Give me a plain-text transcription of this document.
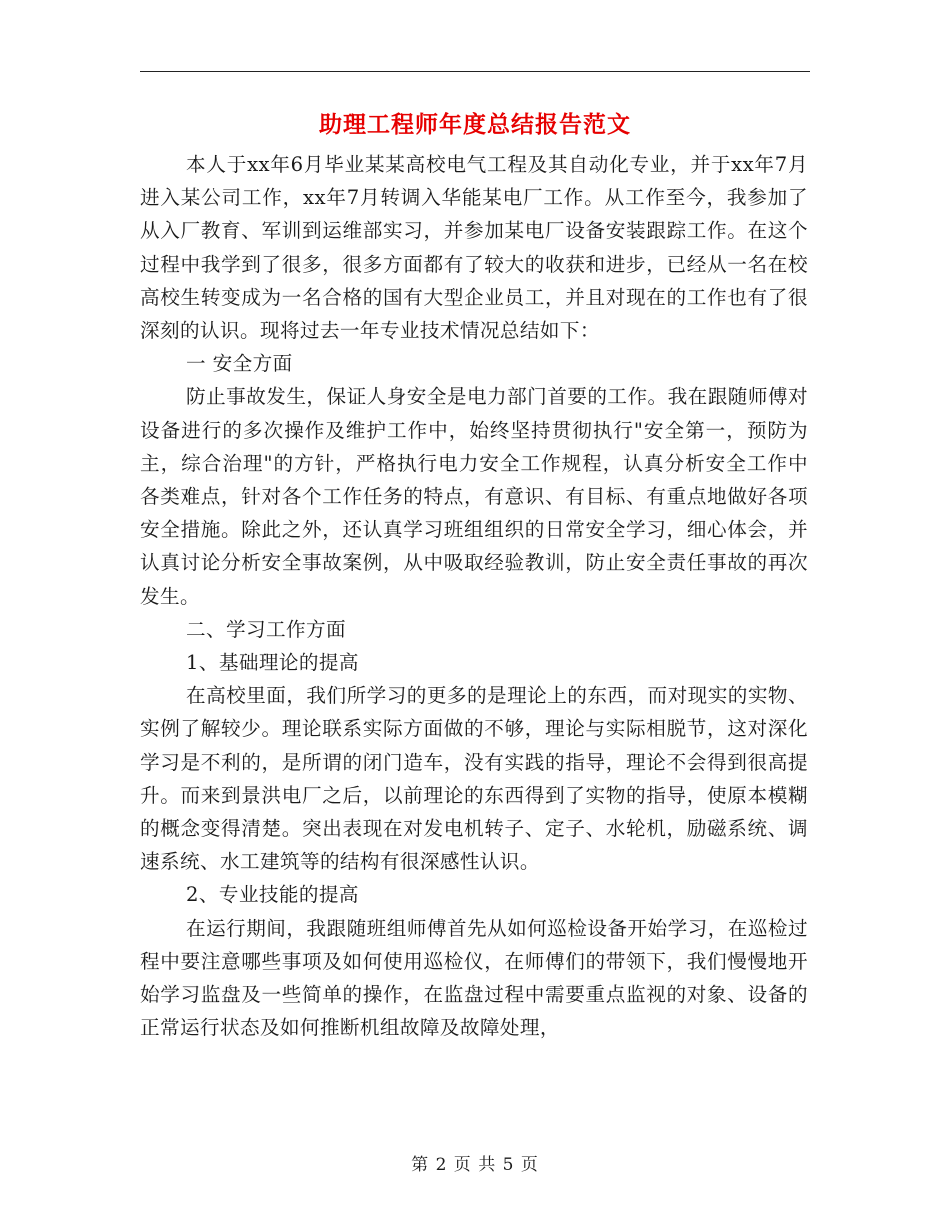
助理工程师年度总结报告范文

本人于xx年6月毕业某某高校电气工程及其自动化专业，并于xx年7月进入某公司工作，xx年7月转调入华能某电厂工作。从工作至今，我参加了从入厂教育、军训到运维部实习，并参加某电厂设备安装跟踪工作。在这个过程中我学到了很多，很多方面都有了较大的收获和进步，已经从一名在校高校生转变成为一名合格的国有大型企业员工，并且对现在的工作也有了很深刻的认识。现将过去一年专业技术情况总结如下：

一 安全方面

防止事故发生，保证人身安全是电力部门首要的工作。我在跟随师傅对设备进行的多次操作及维护工作中，始终坚持贯彻执行"安全第一，预防为主，综合治理"的方针，严格执行电力安全工作规程，认真分析安全工作中各类难点，针对各个工作任务的特点，有意识、有目标、有重点地做好各项安全措施。除此之外，还认真学习班组组织的日常安全学习，细心体会，并认真讨论分析安全事故案例，从中吸取经验教训，防止安全责任事故的再次发生。

二、学习工作方面

1、基础理论的提高

在高校里面，我们所学习的更多的是理论上的东西，而对现实的实物、实例了解较少。理论联系实际方面做的不够，理论与实际相脱节，这对深化学习是不利的，是所谓的闭门造车，没有实践的指导，理论不会得到很高提升。而来到景洪电厂之后，以前理论的东西得到了实物的指导，使原本模糊的概念变得清楚。突出表现在对发电机转子、定子、水轮机，励磁系统、调速系统、水工建筑等的结构有很深感性认识。

2、专业技能的提高

在运行期间，我跟随班组师傅首先从如何巡检设备开始学习，在巡检过程中要注意哪些事项及如何使用巡检仪，在师傅们的带领下，我们慢慢地开始学习监盘及一些简单的操作，在监盘过程中需要重点监视的对象、设备的正常运行状态及如何推断机组故障及故障处理，

第 2 页 共 5 页
